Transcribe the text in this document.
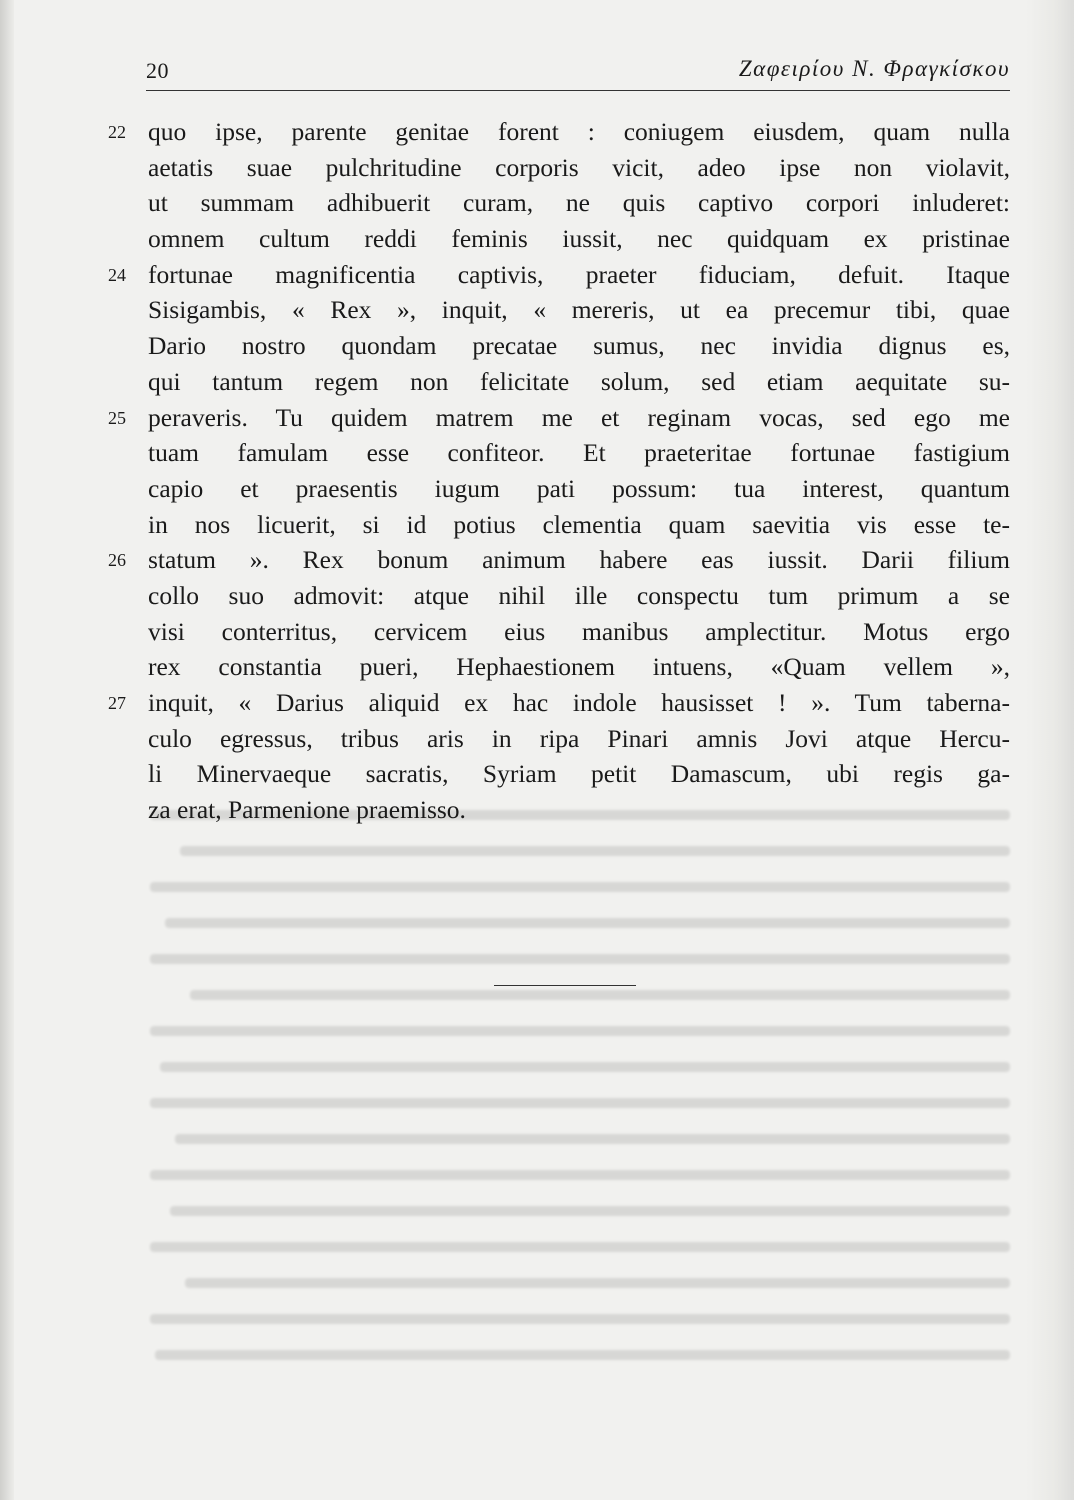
20	Ζαφειρίου Ν. Φραγκίσκου
22 quo ipse, parente genitae forent : coniugem eiusdem, quam nulla
aetatis suae pulchritudine corporis vicit, adeo ipse non violavit,
ut summam adhibuerit curam, ne quis captivo corpori inluderet:
omnem cultum reddi feminis iussit, nec quidquam ex pristinae
24 fortunae magnificentia captivis, praeter fiduciam, defuit. Itaque
Sisigambis, « Rex », inquit, « mereris, ut ea precemur tibi, quae
Dario nostro quondam precatae sumus, nec invidia dignus es,
qui tantum regem non felicitate solum, sed etiam aequitate su-
25 peraveris. Tu quidem matrem me et reginam vocas, sed ego me
tuam famulam esse confiteor. Et praeteritae fortunae fastigium
capio et praesentis iugum pati possum: tua interest, quantum
in nos licuerit, si id potius clementia quam saevitia vis esse te-
26 statum ». Rex bonum animum habere eas iussit. Darii filium
collo suo admovit: atque nihil ille conspectu tum primum a se
visi conterritus, cervicem eius manibus amplectitur. Motus ergo
rex constantia pueri, Hephaestionem intuens, «Quam vellem »,
27 inquit, « Darius aliquid ex hac indole hausisset ! ». Tum taberna-
culo egressus, tribus aris in ripa Pinari amnis Jovi atque Hercu-
li Minervaeque sacratis, Syriam petit Damascum, ubi regis ga-
za erat, Parmenione praemisso.
